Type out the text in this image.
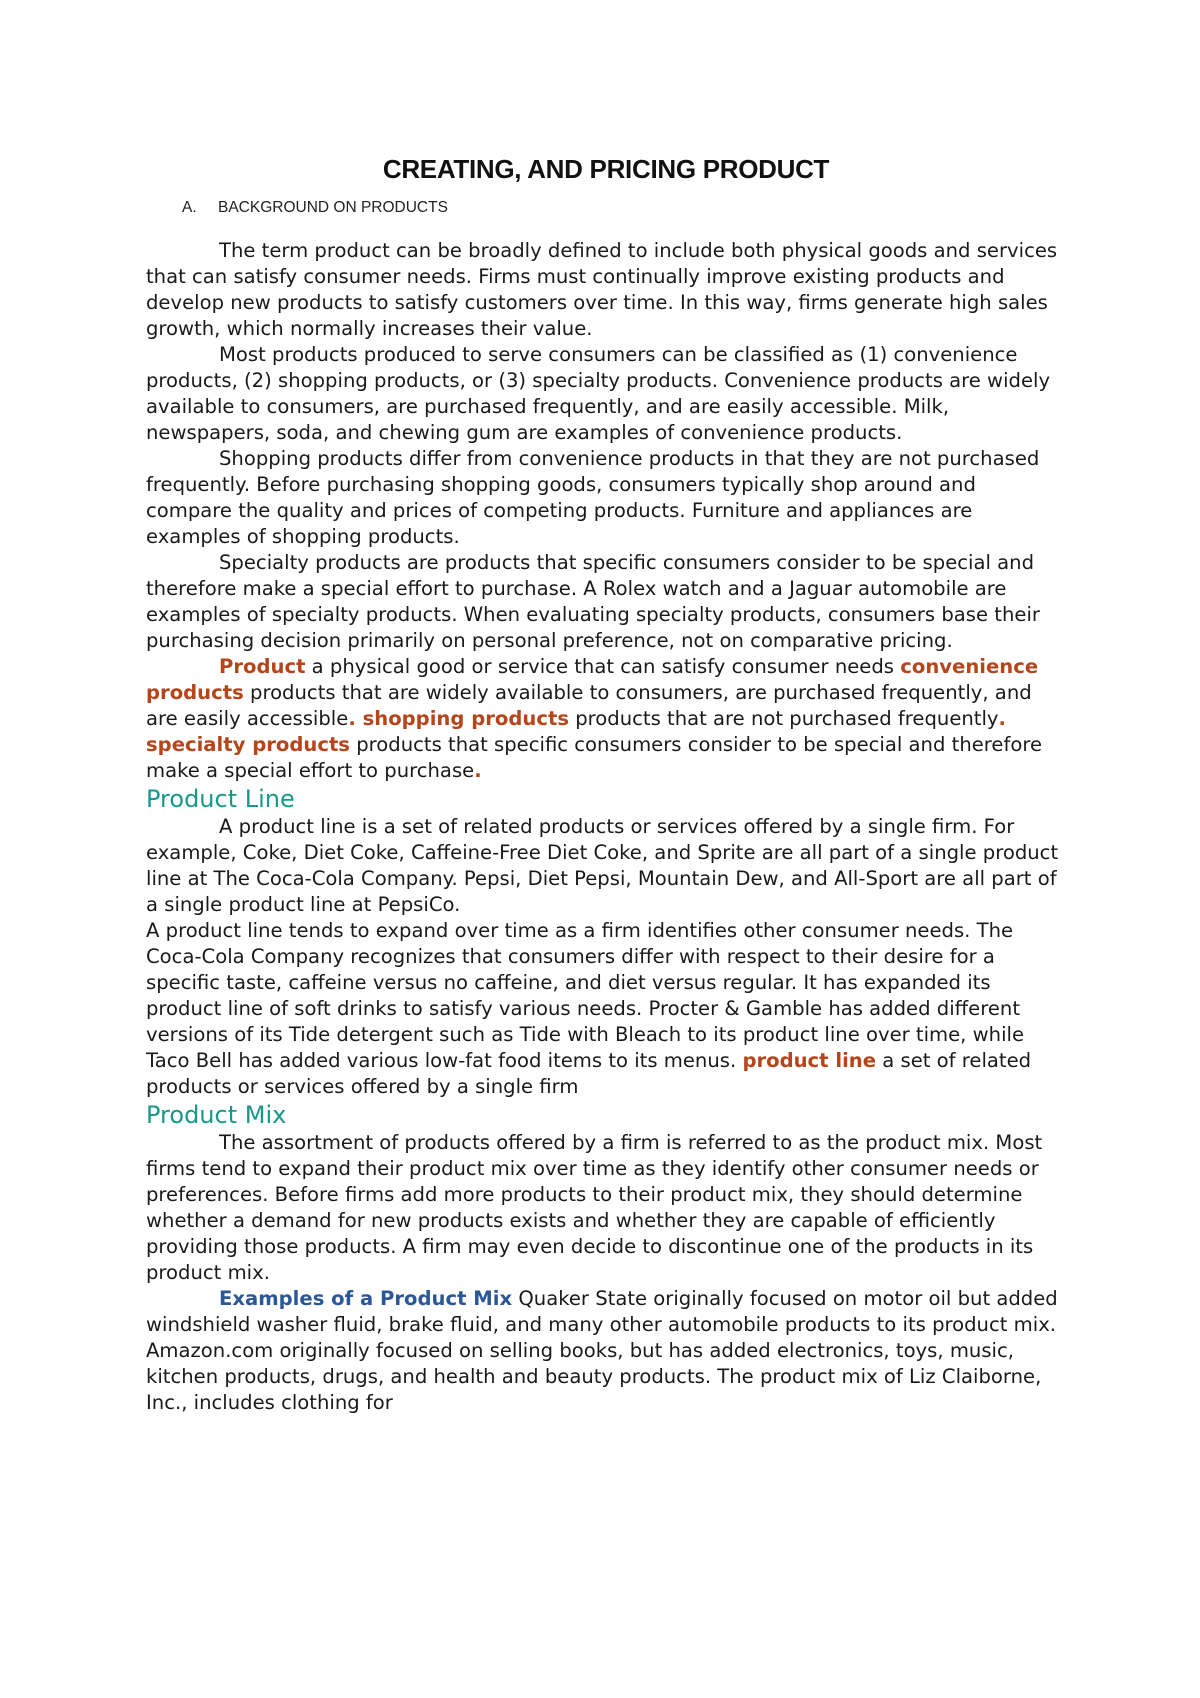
CREATING, AND PRICING PRODUCT
A. BACKGROUND ON PRODUCTS

The term product can be broadly defined to include both physical goods and services that can satisfy consumer needs. Firms must continually improve existing products and develop new products to satisfy customers over time. In this way, firms generate high sales growth, which normally increases their value.

Most products produced to serve consumers can be classified as (1) convenience products, (2) shopping products, or (3) specialty products. Convenience products are widely available to consumers, are purchased frequently, and are easily accessible. Milk, newspapers, soda, and chewing gum are examples of convenience products.

Shopping products differ from convenience products in that they are not purchased frequently. Before purchasing shopping goods, consumers typically shop around and compare the quality and prices of competing products. Furniture and appliances are examples of shopping products.

Specialty products are products that specific consumers consider to be special and therefore make a special effort to purchase. A Rolex watch and a Jaguar automobile are examples of specialty products. When evaluating specialty products, consumers base their purchasing decision primarily on personal preference, not on comparative pricing.

Product a physical good or service that can satisfy consumer needs convenience products products that are widely available to consumers, are purchased frequently, and are easily accessible. shopping products products that are not purchased frequently. specialty products products that specific consumers consider to be special and therefore make a special effort to purchase.

Product Line

A product line is a set of related products or services offered by a single firm. For example, Coke, Diet Coke, Caffeine-Free Diet Coke, and Sprite are all part of a single product line at The Coca-Cola Company. Pepsi, Diet Pepsi, Mountain Dew, and All-Sport are all part of a single product line at PepsiCo.

A product line tends to expand over time as a firm identifies other consumer needs. The Coca-Cola Company recognizes that consumers differ with respect to their desire for a specific taste, caffeine versus no caffeine, and diet versus regular. It has expanded its product line of soft drinks to satisfy various needs. Procter & Gamble has added different versions of its Tide detergent such as Tide with Bleach to its product line over time, while Taco Bell has added various low-fat food items to its menus. product line a set of related products or services offered by a single firm

Product Mix

The assortment of products offered by a firm is referred to as the product mix. Most firms tend to expand their product mix over time as they identify other consumer needs or preferences. Before firms add more products to their product mix, they should determine whether a demand for new products exists and whether they are capable of efficiently providing those products. A firm may even decide to discontinue one of the products in its product mix.

Examples of a Product Mix Quaker State originally focused on motor oil but added windshield washer fluid, brake fluid, and many other automobile products to its product mix. Amazon.com originally focused on selling books, but has added electronics, toys, music, kitchen products, drugs, and health and beauty products. The product mix of Liz Claiborne, Inc., includes clothing for
